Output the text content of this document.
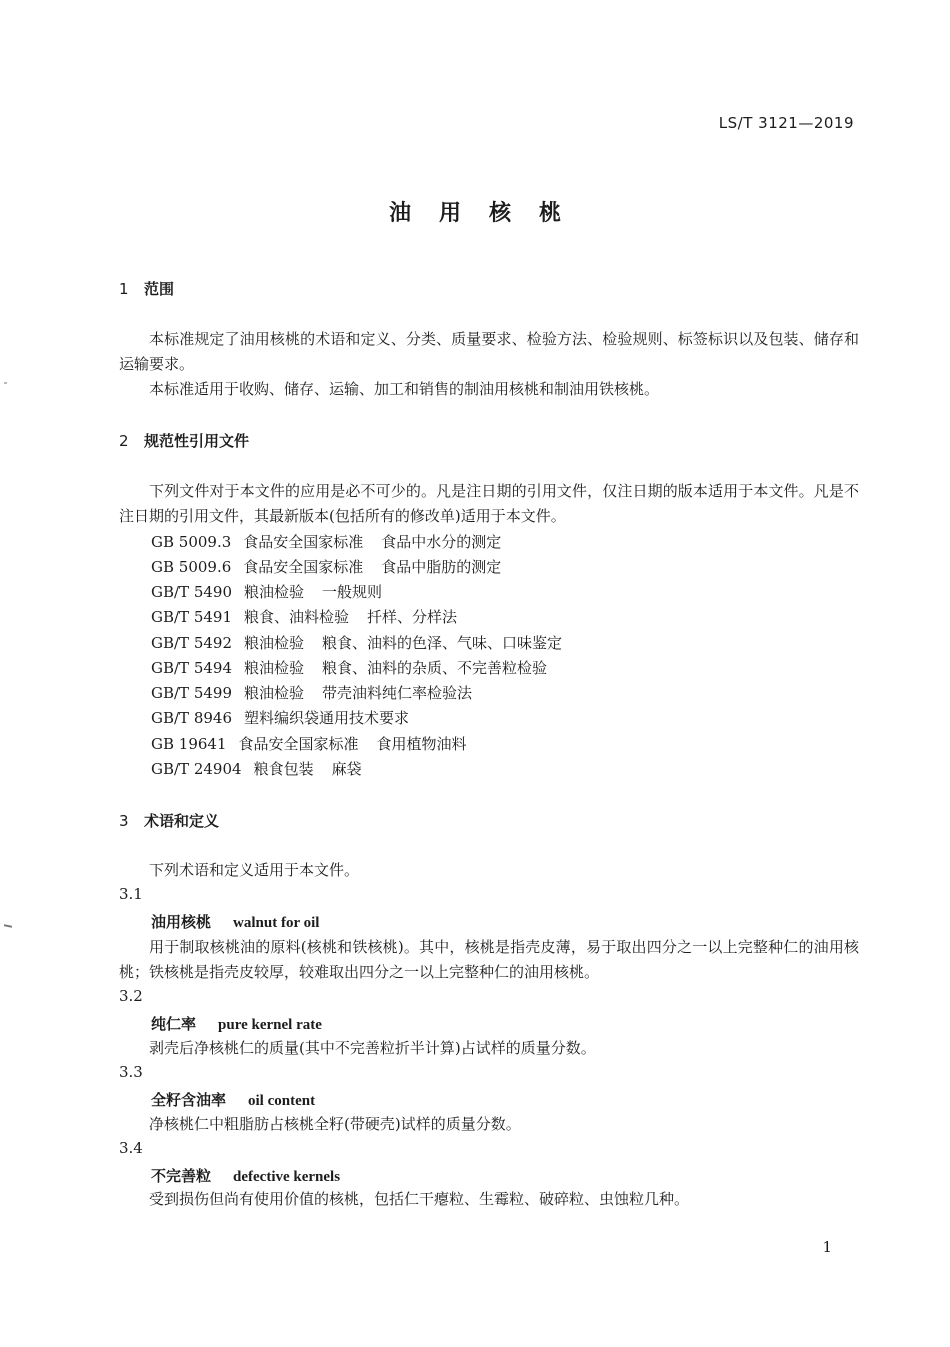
LS/T 3121—2019
油用核桃
1 范围
本标准规定了油用核桃的术语和定义、分类、质量要求、检验方法、检验规则、标签标识以及包装、储存和运输要求。
本标准适用于收购、储存、运输、加工和销售的制油用核桃和制油用铁核桃。
2 规范性引用文件
下列文件对于本文件的应用是必不可少的。凡是注日期的引用文件，仅注日期的版本适用于本文件。凡是不注日期的引用文件，其最新版本(包括所有的修改单)适用于本文件。
GB 5009.3 食品安全国家标准 食品中水分的测定
GB 5009.6 食品安全国家标准 食品中脂肪的测定
GB/T 5490 粮油检验 一般规则
GB/T 5491 粮食、油料检验 扦样、分样法
GB/T 5492 粮油检验 粮食、油料的色泽、气味、口味鉴定
GB/T 5494 粮油检验 粮食、油料的杂质、不完善粒检验
GB/T 5499 粮油检验 带壳油料纯仁率检验法
GB/T 8946 塑料编织袋通用技术要求
GB 19641 食品安全国家标准 食用植物油料
GB/T 24904 粮食包装 麻袋
3 术语和定义
下列术语和定义适用于本文件。
3.1
油用核桃 walnut for oil
用于制取核桃油的原料(核桃和铁核桃)。其中，核桃是指壳皮薄，易于取出四分之一以上完整种仁的油用核桃；铁核桃是指壳皮较厚，较难取出四分之一以上完整种仁的油用核桃。
3.2
纯仁率 pure kernel rate
剥壳后净核桃仁的质量(其中不完善粒折半计算)占试样的质量分数。
3.3
全籽含油率 oil content
净核桃仁中粗脂肪占核桃全籽(带硬壳)试样的质量分数。
3.4
不完善粒 defective kernels
受到损伤但尚有使用价值的核桃，包括仁干瘪粒、生霉粒、破碎粒、虫蚀粒几种。
1
